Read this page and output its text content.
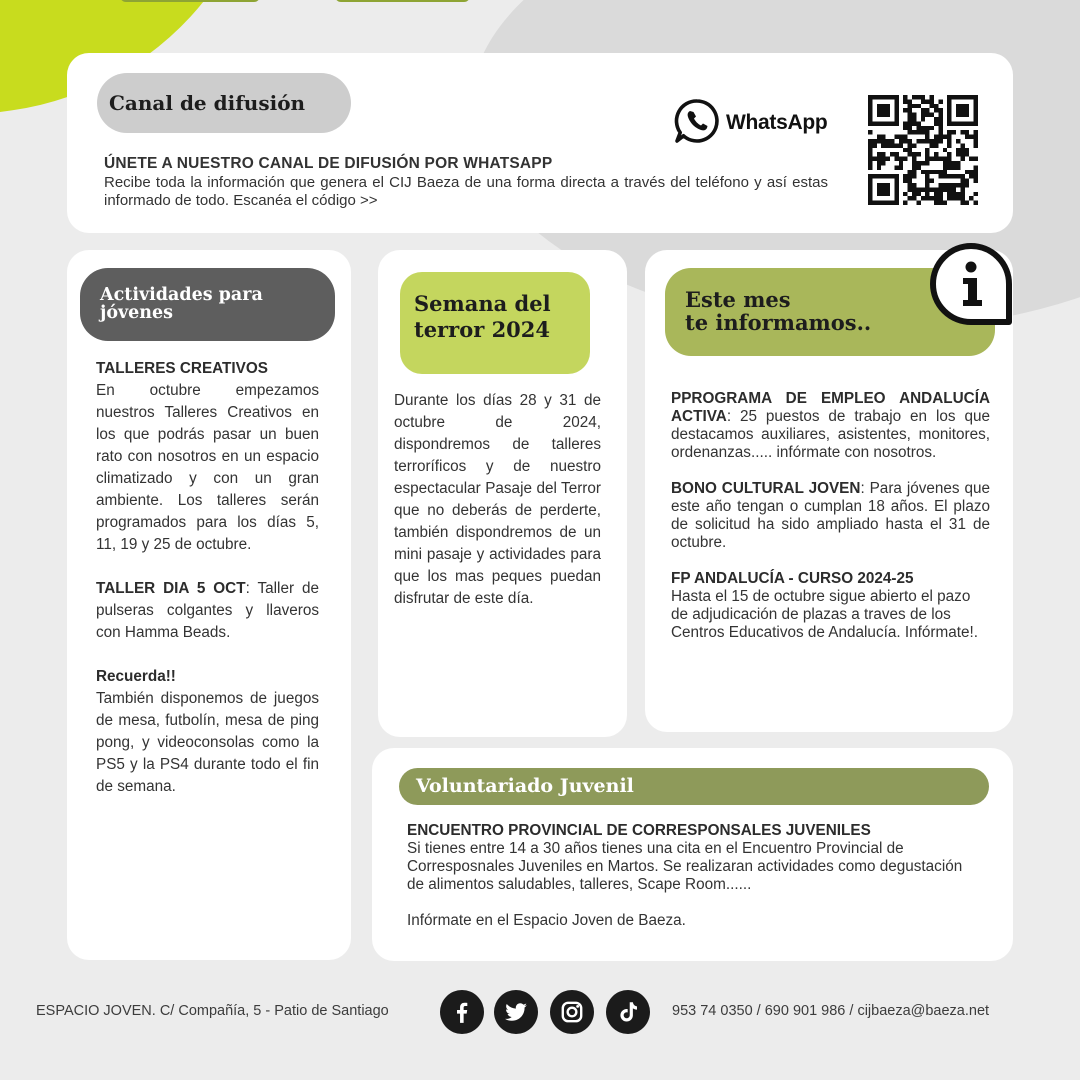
Canal de difusión
WhatsApp
ÚNETE A NUESTRO CANAL DE DIFUSIÓN POR WHATSAPP
Recibe toda la información que genera el CIJ Baeza de una forma directa a través del teléfono y así estas informado de todo. Escanéa el código >>
Actividades para jóvenes
TALLERES CREATIVOS
En octubre empezamos nuestros Talleres Creativos en los que podrás pasar un buen rato con nosotros en un espacio climatizado y con un gran ambiente. Los talleres serán programados para los días 5, 11, 19 y 25 de octubre.
TALLER DIA 5 OCT: Taller de pulseras colgantes y llaveros con Hamma Beads.
Recuerda!!
También disponemos de juegos de mesa, futbolín, mesa de ping pong, y videoconsolas como la PS5 y la PS4 durante todo el fin de semana.
Semana del terror 2024
Durante los días 28 y 31 de octubre de 2024, dispondremos de talleres terroríficos y de nuestro espectacular Pasaje del Terror que no deberás de perderte, también dispondremos de un mini pasaje y actividades para que los mas peques puedan disfrutar de este día.
Este mes
te informamos..
PPROGRAMA DE EMPLEO ANDALUCÍA ACTIVA: 25 puestos de trabajo en los que destacamos auxiliares, asistentes, monitores, ordenanzas..... infórmate con nosotros.
BONO CULTURAL JOVEN: Para jóvenes que este año tengan o cumplan 18 años. El plazo de solicitud ha sido ampliado hasta el 31 de octubre.
FP ANDALUCÍA - CURSO 2024-25
Hasta el 15 de octubre sigue abierto el pazo de adjudicación de plazas a traves de los Centros Educativos de Andalucía. Infórmate!.
Voluntariado Juvenil
ENCUENTRO PROVINCIAL DE CORRESPONSALES JUVENILES
Si tienes entre 14 a 30 años tienes una cita en el Encuentro Provincial de Corresposnales Juveniles en Martos. Se realizaran actividades como degustación de alimentos saludables, talleres, Scape Room......
Infórmate en el Espacio Joven de Baeza.
ESPACIO JOVEN. C/ Compañía, 5 - Patio de Santiago	953 74 0350 / 690 901 986 / cijbaeza@baeza.net
